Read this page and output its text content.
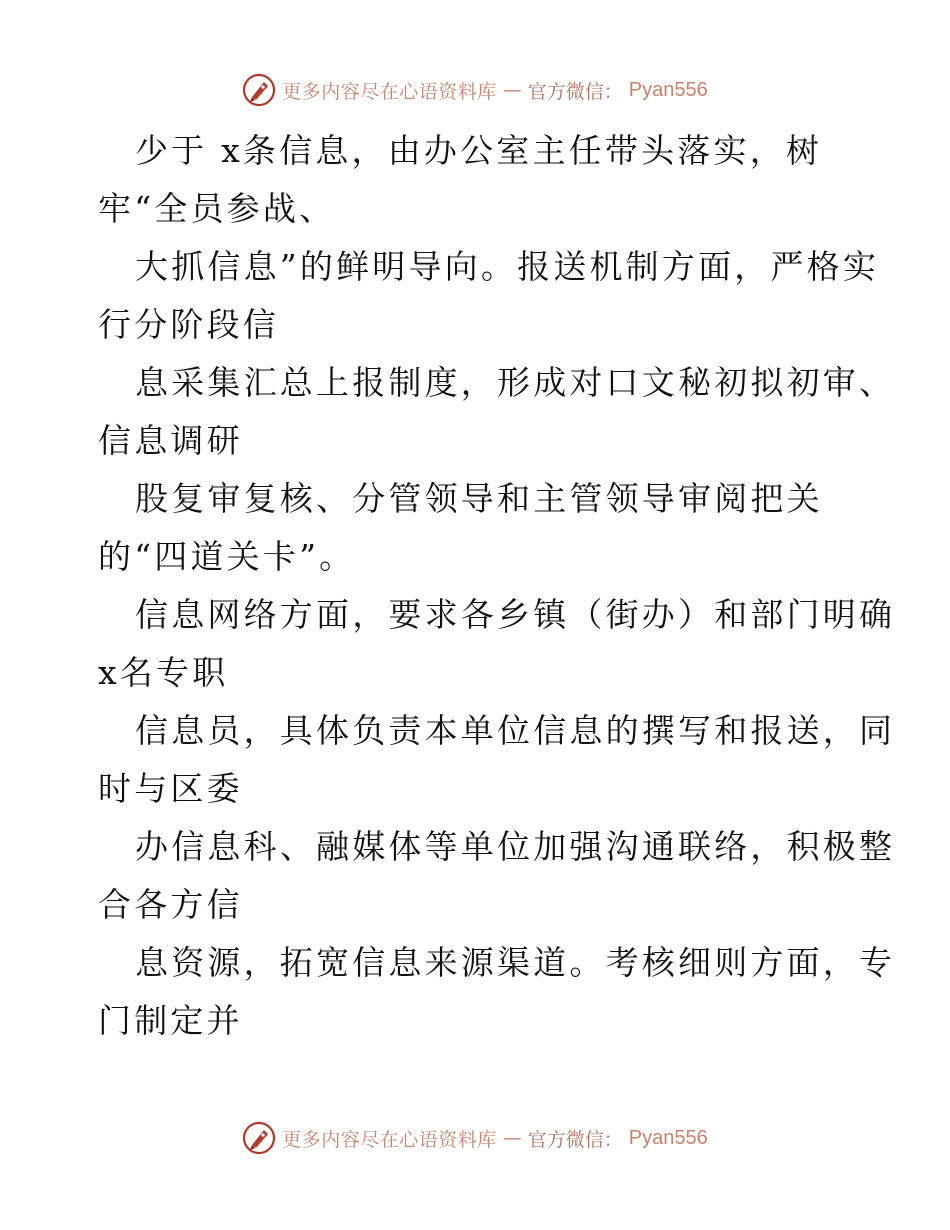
更多内容尽在心语资料库 — 官方微信： Pyan556
少于 x条信息，由办公室主任带头落实，树
牢“全员参战、
大抓信息”的鲜明导向。报送机制方面，严格实
行分阶段信
息采集汇总上报制度，形成对口文秘初拟初审、
信息调研
股复审复核、分管领导和主管领导审阅把关
的“四道关卡”。
信息网络方面，要求各乡镇（街办）和部门明确
x名专职
信息员，具体负责本单位信息的撰写和报送，同
时与区委
办信息科、融媒体等单位加强沟通联络，积极整
合各方信
息资源，拓宽信息来源渠道。考核细则方面，专
门制定并
更多内容尽在心语资料库 — 官方微信： Pyan556
